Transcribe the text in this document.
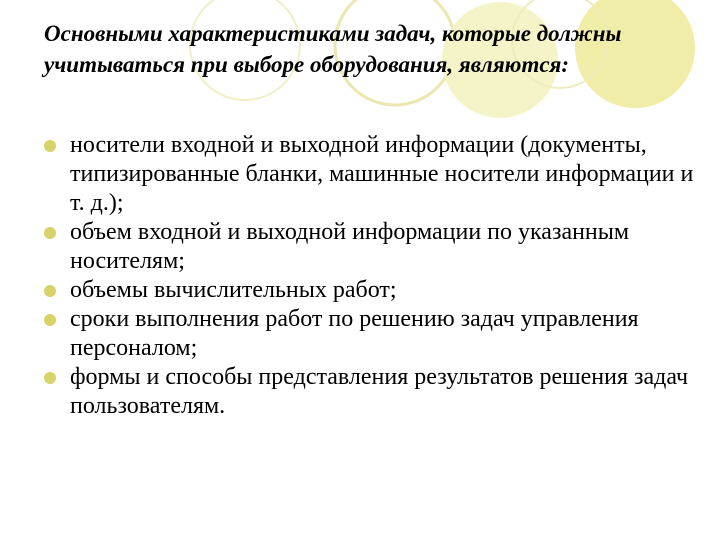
Основными характеристиками задач, которые должны учитываться при выборе оборудования, являются:
носители входной и выходной информации (документы, типизированные бланки, машинные носители информации и т. д.);
объем входной и выходной информации по указанным носителям;
объемы вычислительных работ;
сроки выполнения работ по решению задач управления персоналом;
формы и способы представления результатов решения задач пользователям.
